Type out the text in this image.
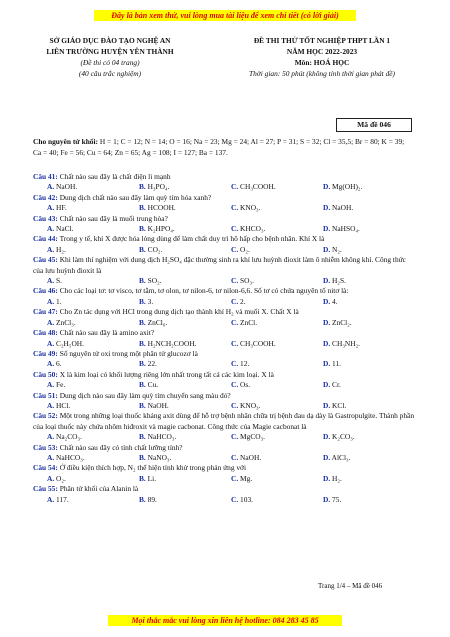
Đây là bản xem thử, vui lòng mua tài liệu để xem chi tiết (có lời giải)
SỞ GIÁO DỤC ĐÀO TẠO NGHỆ AN
LIÊN TRƯỜNG HUYỆN YÊN THÀNH
(Đề thi có 04 trang)
(40 câu trắc nghiệm)
ĐỀ THI THỬ TỐT NGHIỆP THPT LẦN 1
NĂM HỌC 2022-2023
Môn: HOÁ HỌC
Thời gian: 50 phút (không tính thời gian phát đề)
Mã đề 046
Cho nguyên tử khối: H = 1; C = 12; N = 14; O = 16; Na = 23; Mg = 24; Al = 27; P = 31; S = 32; Cl = 35,5; Br = 80; K = 39; Ca = 40; Fe = 56; Cu = 64; Zn = 65; Ag = 108; I = 127; Ba = 137.
Câu 41: Chất nào sau đây là chất điện li mạnh
A. NaOH.	B. H₃PO₄.	C. CH₃COOH.	D. Mg(OH)₂.
Câu 42: Dung dịch chất nào sau đây làm quỳ tím hóa xanh?
A. HF.	B. HCOOH.	C. KNO₃.	D. NaOH.
Câu 43: Chất nào sau đây là muối trung hòa?
A. NaCl.	B. K₂HPO₄.	C. KHCO₃.	D. NaHSO₄.
Câu 44: Trong y tế, khí X được hóa lỏng dùng để làm chất duy trì hô hấp cho bệnh nhân. Khí X là
A. H₂.	B. CO₂.	C. O₂.	D. N₂.
Câu 45: Khi làm thí nghiệm với dung dịch H₂SO₄ đặc thường sinh ra khí lưu huỳnh đioxit làm ô nhiễm không khí. Công thức của lưu huỳnh đioxit là
A. S.	B. SO₂.	C. SO₃.	D. H₂S.
Câu 46: Cho các loại tơ: tơ visco, tơ tằm, tơ olon, tơ nilon-6, tơ nilon-6,6. Số tơ có chứa nguyên tố nitơ là:
A. 1.	B. 3.	C. 2.	D. 4.
Câu 47: Cho Zn tác dụng với HCl trong dung dịch tạo thành khí H₂ và muối X. Chất X là
A. ZnCl₃.	B. ZnCl₆.	C. ZnCl.	D. ZnCl₂.
Câu 48: Chất nào sau đây là amino axit?
A. C₂H₅OH.	B. H₂NCH₂COOH.	C. CH₃COOH.	D. CH₃NH₂.
Câu 49: Số nguyên tử oxi trong một phân tử glucozơ là
A. 6.	B. 22.	C. 12.	D. 11.
Câu 50: X là kim loại có khối lượng riêng lớn nhất trong tất cả các kim loại. X là
A. Fe.	B. Cu.	C. Os.	D. Cr.
Câu 51: Dung dịch nào sau đây làm quỳ tím chuyển sang màu đỏ?
A. HCl.	B. NaOH.	C. KNO₃.	D. KCl.
Câu 52: Một trong những loại thuốc kháng axit dùng để hỗ trợ bệnh nhân chữa trị bệnh đau dạ dày là Gastropulgite. Thành phần của loại thuốc này chứa nhôm hiđroxit và magie cacbonat. Công thức của Magie cacbonat là
A. Na₂CO₃.	B. NaHCO₃.	C. MgCO₃.	D. K₂CO₃.
Câu 53: Chất nào sau đây có tính chất lưỡng tính?
A. NaHCO₃.	B. NaNO₃.	C. NaOH.	D. AlCl₃.
Câu 54: Ở điều kiện thích hợp, N₂ thể hiện tính khử trong phản ứng với
A. O₂.	B. Li.	C. Mg.	D. H₂.
Câu 55: Phân tử khối của Alanin là
A. 117.	B. 89.	C. 103.	D. 75.
Trang 1/4 – Mã đề 046
Mọi thắc mắc vui lòng xin liên hệ hotline: 084 283 45 85
